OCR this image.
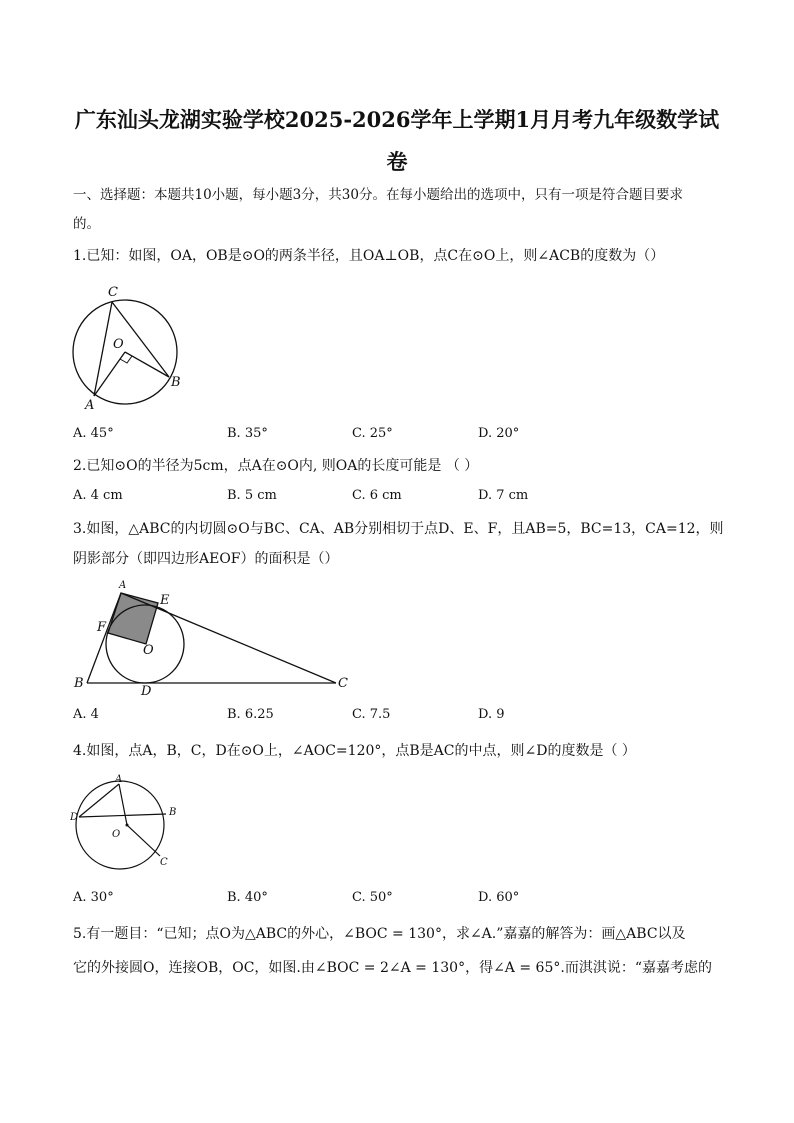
广东汕头龙湖实验学校2025-2026学年上学期1月月考九年级数学试
卷
一、选择题：本题共10小题，每小题3分，共30分。在每小题给出的选项中，只有一项是符合题目要求
的。
1.已知：如图，OA，OB是⊙O的两条半径，且OA⊥OB，点C在⊙O上，则∠ACB的度数为（）
C
O
A
B
A. 45°	B. 35°	C. 25°	D. 20°
2.已知⊙O的半径为5cm，点A在⊙O内, 则OA的长度可能是 （ ）
A. 4 cm	B. 5 cm	C. 6 cm	D. 7 cm
3.如图，△ABC的内切圆⊙O与BC、CA、AB分别相切于点D、E、F，且AB=5，BC=13，CA=12，则
阴影部分（即四边形AEOF）的面积是（）
A
E
F
O
B
D
C
A. 4	B. 6.25	C. 7.5	D. 9
4.如图，点A，B，C，D在⊙O上，∠AOC=120°，点B是AC的中点，则∠D的度数是（ ）
A
B
D
O
C
A. 30°	B. 40°	C. 50°	D. 60°
5.有一题目：“已知；点O为△ABC的外心，∠BOC = 130°，求∠A.”嘉嘉的解答为：画△ABC以及
它的外接圆O，连接OB，OC，如图.由∠BOC = 2∠A = 130°，得∠A = 65°.而淇淇说：“嘉嘉考虑的
